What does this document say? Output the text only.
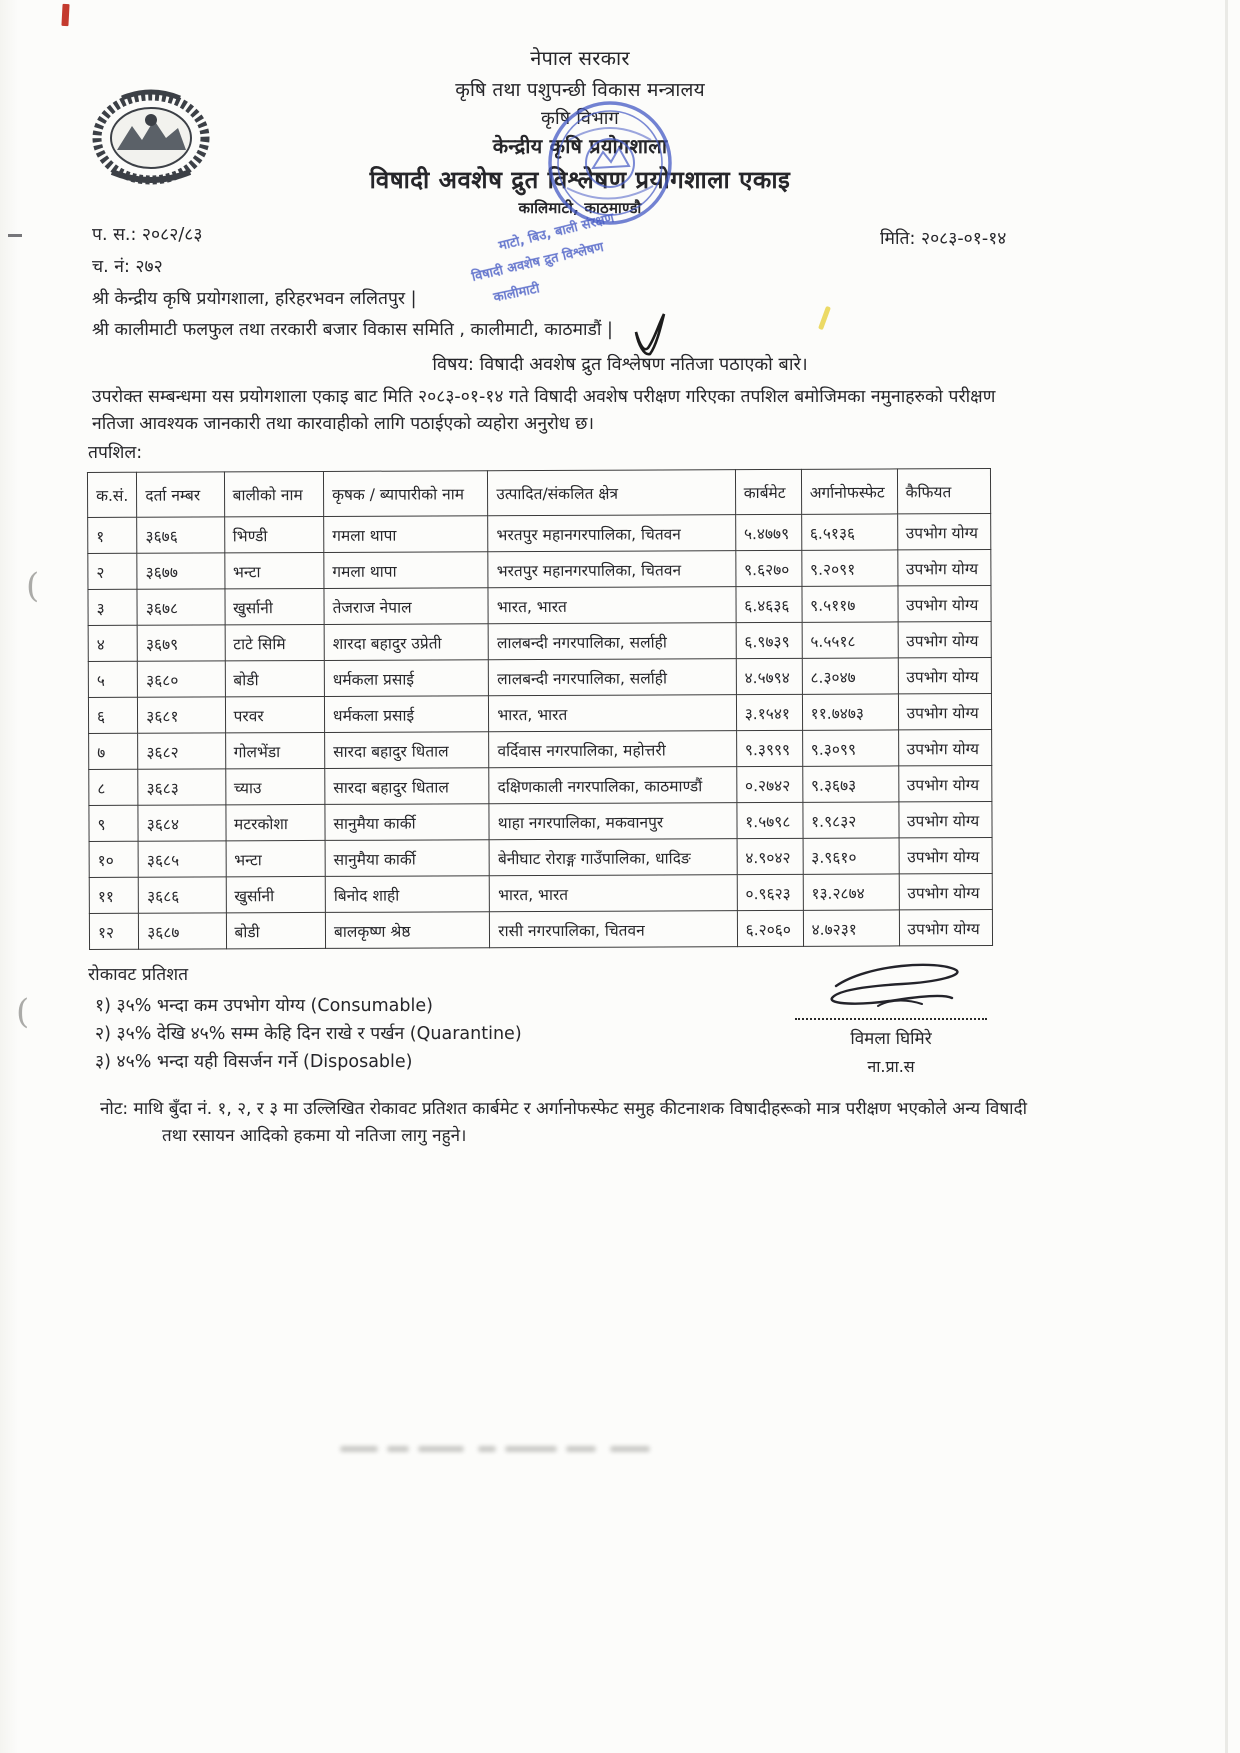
(
(
नेपाल सरकार
कृषि तथा पशुपन्छी विकास मन्त्रालय
कृषि विभाग
केन्द्रीय कृषि प्रयोगशाला
विषादी अवशेष द्रुत विश्लेषण प्रयोगशाला एकाइ
कालिमाटी, काठमाण्डौ
माटो, बिउ, बाली संरक्षण
विषादी अवशेष द्रुत विश्लेषण
कालीमाटी
प. स.: २०८२/८३	मिति: २०८३-०१-१४
च. नं: २७२
श्री केन्द्रीय कृषि प्रयोगशाला, हरिहरभवन ललितपुर |
श्री कालीमाटी फलफुल तथा तरकारी बजार विकास समिति , कालीमाटी, काठमाडौं |
विषय: विषादी अवशेष द्रुत विश्लेषण नतिजा पठाएको बारे।
उपरोक्त सम्बन्धमा यस प्रयोगशाला एकाइ बाट मिति २०८३-०१-१४ गते विषादी अवशेष परीक्षण गरिएका तपशिल बमोजिमका नमुनाहरुको परीक्षण नतिजा आवश्यक जानकारी तथा कारवाहीको लागि पठाईएको व्यहोरा अनुरोध छ।
तपशिल:
क.सं.	दर्ता नम्बर	बालीको नाम	कृषक / ब्यापारीको नाम	उत्पादित/संकलित क्षेत्र	कार्बमेट	अर्गानोफस्फेट	कैफियत
१	३६७६	भिण्डी	गमला थापा	भरतपुर महानगरपालिका, चितवन	५.४७७९	६.५१३६	उपभोग योग्य
२	३६७७	भन्टा	गमला थापा	भरतपुर महानगरपालिका, चितवन	९.६२७०	९.२०९१	उपभोग योग्य
३	३६७८	खुर्सानी	तेजराज नेपाल	भारत, भारत	६.४६३६	९.५११७	उपभोग योग्य
४	३६७९	टाटे सिमि	शारदा बहादुर उप्रेती	लालबन्दी नगरपालिका, सर्लाही	६.९७३९	५.५५१८	उपभोग योग्य
५	३६८०	बोडी	धर्मकला प्रसाई	लालबन्दी नगरपालिका, सर्लाही	४.५७९४	८.३०४७	उपभोग योग्य
६	३६८१	परवर	धर्मकला प्रसाई	भारत, भारत	३.१५४१	११.७४७३	उपभोग योग्य
७	३६८२	गोलभेंडा	सारदा बहादुर धिताल	वर्दिवास नगरपालिका, महोत्तरी	९.३९९९	९.३०९९	उपभोग योग्य
८	३६८३	च्याउ	सारदा बहादुर धिताल	दक्षिणकाली नगरपालिका, काठमाण्डौं	०.२७४२	९.३६७३	उपभोग योग्य
९	३६८४	मटरकोशा	सानुमैया कार्की	थाहा नगरपालिका, मकवानपुर	१.५७९८	१.९८३२	उपभोग योग्य
१०	३६८५	भन्टा	सानुमैया कार्की	बेनीघाट रोराङ्ग गाउँपालिका, धादिङ	४.९०४२	३.९६१०	उपभोग योग्य
११	३६८६	खुर्सानी	बिनोद शाही	भारत, भारत	०.९६२३	१३.२८७४	उपभोग योग्य
१२	३६८७	बोडी	बालकृष्ण श्रेष्ठ	रासी नगरपालिका, चितवन	६.२०६०	४.७२३१	उपभोग योग्य
रोकावट प्रतिशत
१) ३५% भन्दा कम उपभोग योग्य (Consumable)
२) ३५% देखि ४५% सम्म केहि दिन राखे र पर्खन (Quarantine)
३) ४५% भन्दा यही विसर्जन गर्ने (Disposable)
विमला घिमिरे
ना.प्रा.स
नोट: माथि बुँदा नं. १, २, र ३ मा उल्लिखित रोकावट प्रतिशत कार्बमेट र अर्गानोफस्फेट समुह कीटनाशक विषादीहरूको मात्र परीक्षण भएकोले अन्य विषादी तथा रसायन आदिको हकमा यो नतिजा लागु नहुने।
